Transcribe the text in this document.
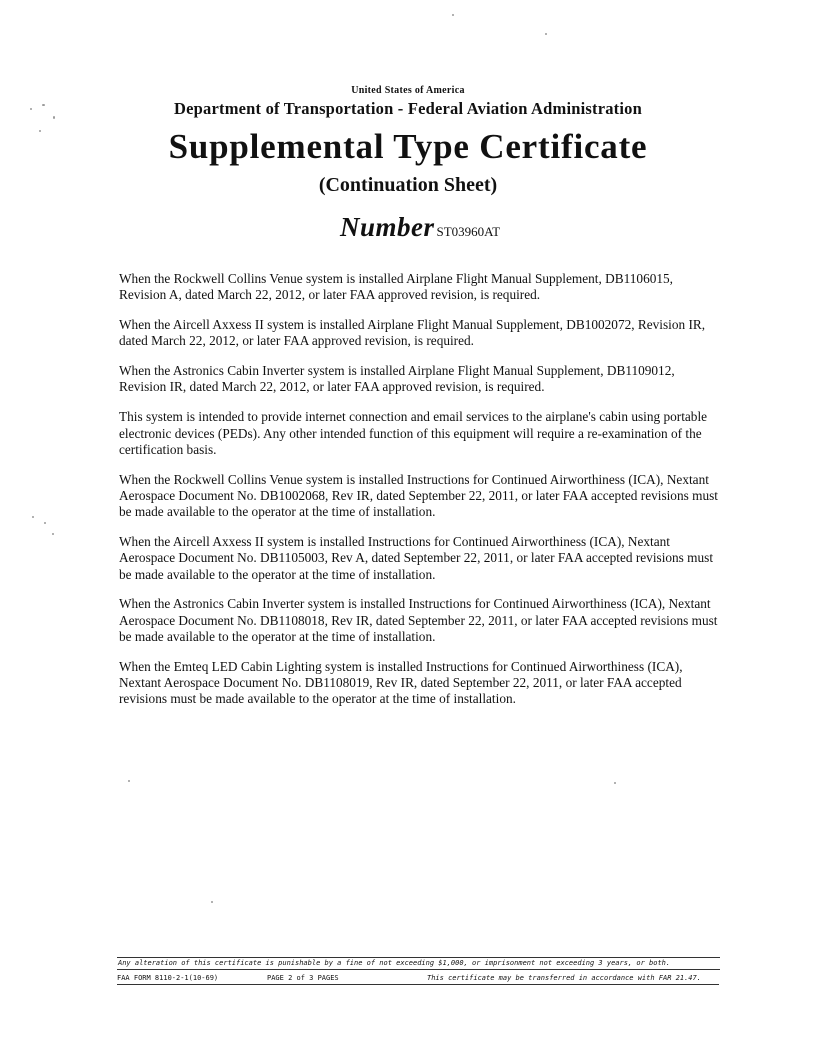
United States of America
Department of Transportation - Federal Aviation Administration
Supplemental Type Certificate
(Continuation Sheet)
Number ST03960AT

When the Rockwell Collins Venue system is installed Airplane Flight Manual Supplement, DB1106015, Revision A, dated March 22, 2012, or later FAA approved revision, is required.

When the Aircell Axxess II system is installed Airplane Flight Manual Supplement, DB1002072, Revision IR, dated March 22, 2012, or later FAA approved revision, is required.

When the Astronics Cabin Inverter system is installed Airplane Flight Manual Supplement, DB1109012, Revision IR, dated March 22, 2012, or later FAA approved revision, is required.

This system is intended to provide internet connection and email services to the airplane's cabin using portable electronic devices (PEDs). Any other intended function of this equipment will require a re-examination of the certification basis.

When the Rockwell Collins Venue system is installed Instructions for Continued Airworthiness (ICA), Nextant Aerospace Document No. DB1002068, Rev IR, dated September 22, 2011, or later FAA accepted revisions must be made available to the operator at the time of installation.

When the Aircell Axxess II system is installed Instructions for Continued Airworthiness (ICA), Nextant Aerospace Document No. DB1105003, Rev A, dated September 22, 2011, or later FAA accepted revisions must be made available to the operator at the time of installation.

When the Astronics Cabin Inverter system is installed Instructions for Continued Airworthiness (ICA), Nextant Aerospace Document No. DB1108018, Rev IR, dated September 22, 2011, or later FAA accepted revisions must be made available to the operator at the time of installation.

When the Emteq LED Cabin Lighting system is installed Instructions for Continued Airworthiness (ICA), Nextant Aerospace Document No. DB1108019, Rev IR, dated September 22, 2011, or later FAA accepted revisions must be made available to the operator at the time of installation.

Any alteration of this certificate is punishable by a fine of not exceeding $1,000, or imprisonment not exceeding 3 years, or both.
FAA FORM 8110-2-1(10-69)	PAGE 2 of 3 PAGES	This certificate may be transferred in accordance with FAR 21.47.
